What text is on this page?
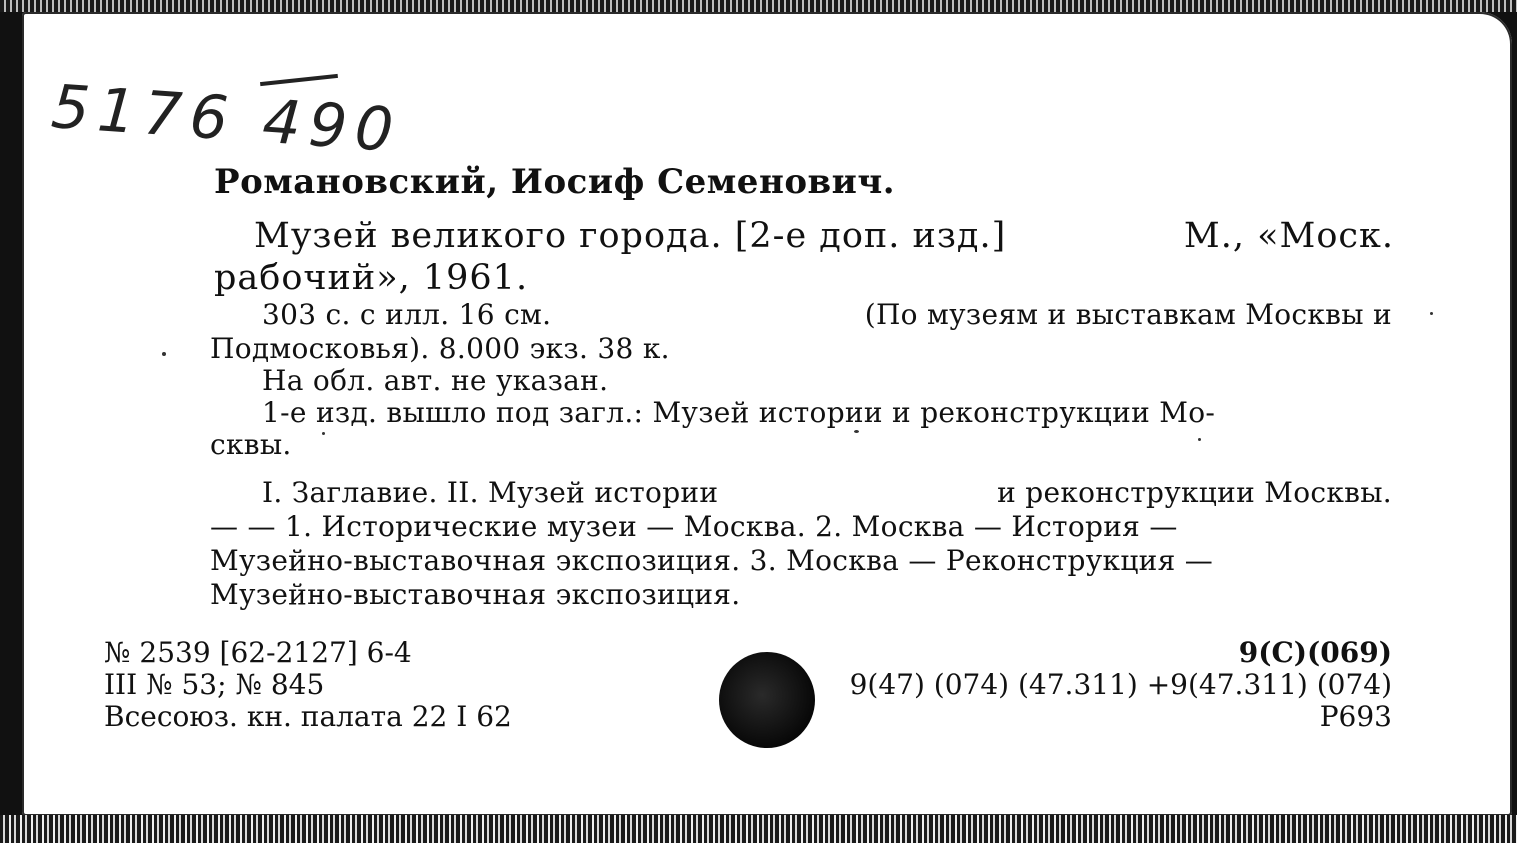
5176 490
Романовский, Иосиф Семенович.
Музей великого города. [2-е доп. изд.]	М., «Моск.
рабочий», 1961.
303 с. с илл. 16 см.	(По музеям и выставкам Москвы и
Подмосковья). 8.000 экз. 38 к.
На обл. авт. не указан.
1-е изд. вышло под загл.: Музей истории и реконструкции Мо-
сквы.
I. Заглавие. II. Музей истории	и реконструкции Москвы.
— — 1. Исторические музеи — Москва. 2. Москва — История —
Музейно-выставочная экспозиция. 3. Москва — Реконструкция —
Музейно-выставочная экспозиция.
№ 2539 [62-2127] 6-4
III № 53; № 845
Всесоюз. кн. палата 22 I 62
9(С)(069)
9(47) (074) (47.311) +9(47.311) (074)
Р693
